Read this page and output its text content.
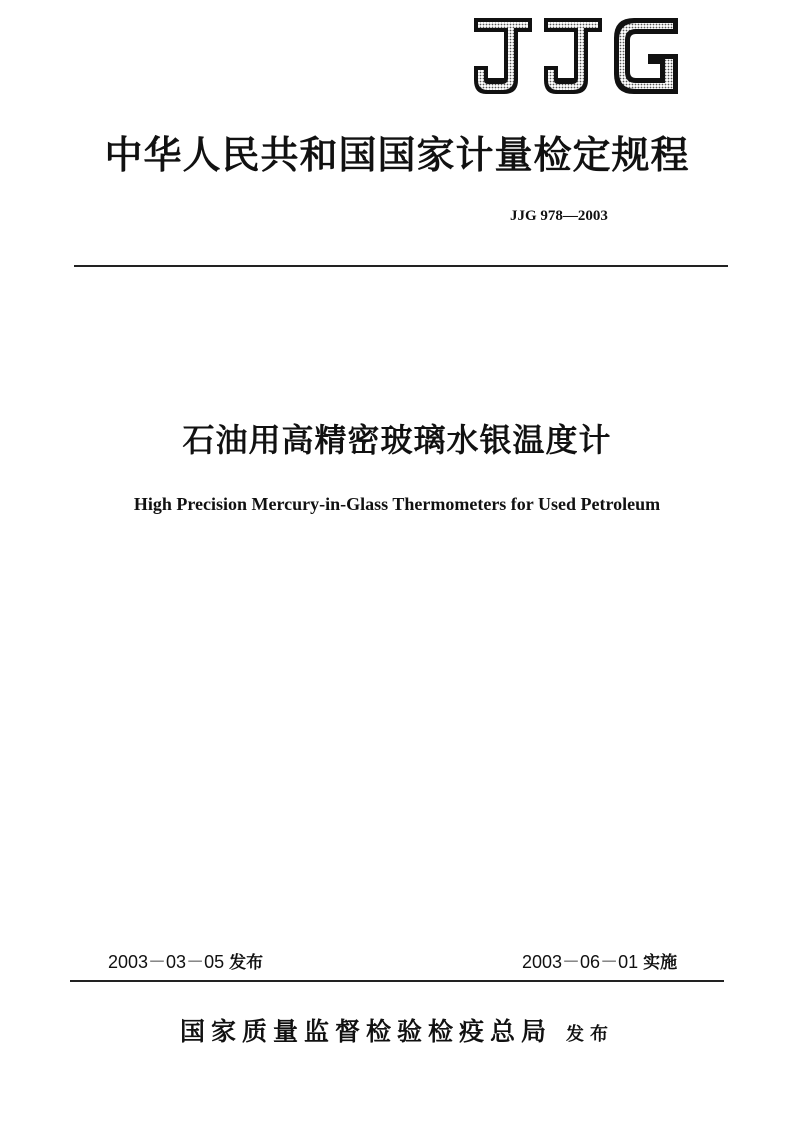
中华人民共和国国家计量检定规程
JJG 978—2003
石油用高精密玻璃水银温度计
High Precision Mercury-in-Glass Thermometers for Used Petroleum
2003－03－05 发布	2003－06－01 实施
国家质量监督检验检疫总局 发布
